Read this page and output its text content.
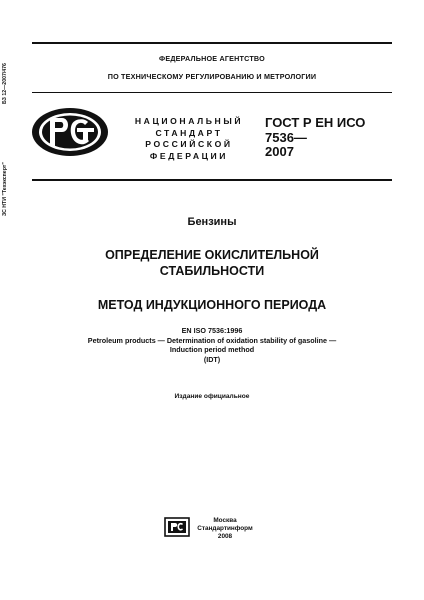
ФЕДЕРАЛЬНОЕ АГЕНТСТВО
ПО ТЕХНИЧЕСКОМУ РЕГУЛИРОВАНИЮ И МЕТРОЛОГИИ
НАЦИОНАЛЬНЫЙ
СТАНДАРТ
РОССИЙСКОЙ
ФЕДЕРАЦИИ
ГОСТ Р ЕН ИСО
7536—
2007
Бензины
ОПРЕДЕЛЕНИЕ ОКИСЛИТЕЛЬНОЙ
СТАБИЛЬНОСТИ
МЕТОД ИНДУКЦИОННОГО ПЕРИОДА
EN ISO 7536:1996
Petroleum products — Determination of oxidation stability of gasoline —
Induction period method
(IDT)
Издание официальное
Москва
Стандартинформ
2008
БЗ 12—2007/476
ЗС НТИ "Техэксперт"
